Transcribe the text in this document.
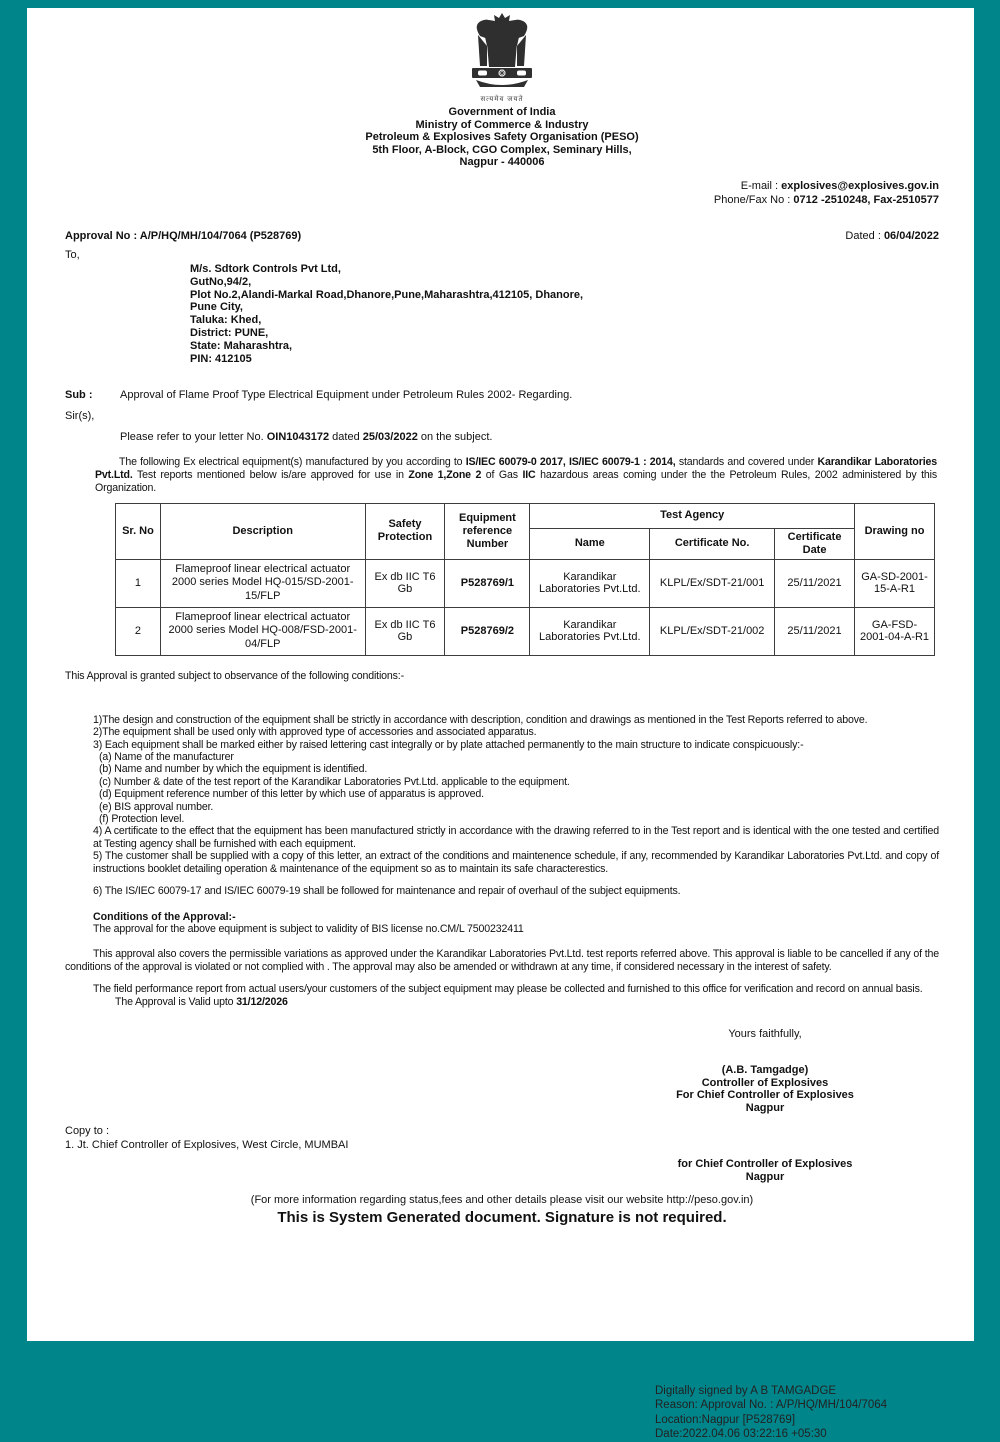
सत्यमेव जयते
Government of India
Ministry of Commerce & Industry
Petroleum & Explosives Safety Organisation (PESO)
5th Floor, A-Block, CGO Complex, Seminary Hills,
Nagpur - 440006
E-mail : explosives@explosives.gov.in
Phone/Fax No : 0712 -2510248, Fax-2510577
Approval No : A/P/HQ/MH/104/7064 (P528769)	Dated : 06/04/2022
To,
M/s. Sdtork Controls Pvt Ltd,
GutNo,94/2,
Plot No.2,Alandi-Markal Road,Dhanore,Pune,Maharashtra,412105, Dhanore,
Pune City,
Taluka: Khed,
District: PUNE,
State: Maharashtra,
PIN: 412105
Sub :	Approval of Flame Proof Type Electrical Equipment under Petroleum Rules 2002- Regarding.
Sir(s),
Please refer to your letter No. OIN1043172 dated 25/03/2022 on the subject.
The following Ex electrical equipment(s) manufactured by you according to IS/IEC 60079-0 2017, IS/IEC 60079-1 : 2014, standards and covered under Karandikar Laboratories Pvt.Ltd. Test reports mentioned below is/are approved for use in Zone 1,Zone 2 of Gas IIC hazardous areas coming under the the Petroleum Rules, 2002 administered by this Organization.
Sr. No	Description	Safety Protection	Equipment reference Number	Test Agency			Drawing no
				Name	Certificate No.	Certificate Date	
1	Flameproof linear electrical actuator 2000 series Model HQ-015/SD-2001-15/FLP	Ex db IIC T6 Gb	P528769/1	Karandikar Laboratories Pvt.Ltd.	KLPL/Ex/SDT-21/001	25/11/2021	GA-SD-2001-15-A-R1
2	Flameproof linear electrical actuator 2000 series Model HQ-008/FSD-2001-04/FLP	Ex db IIC T6 Gb	P528769/2	Karandikar Laboratories Pvt.Ltd.	KLPL/Ex/SDT-21/002	25/11/2021	GA-FSD-2001-04-A-R1
This Approval is granted subject to observance of the following conditions:-
1)The design and construction of the equipment shall be strictly in accordance with description, condition and drawings as mentioned in the Test Reports referred to above.
2)The equipment shall be used only with approved type of accessories and associated apparatus.
3) Each equipment shall be marked either by raised lettering cast integrally or by plate attached permanently to the main structure to indicate conspicuously:-
(a) Name of the manufacturer
(b) Name and number by which the equipment is identified.
(c) Number & date of the test report of the Karandikar Laboratories Pvt.Ltd. applicable to the equipment.
(d) Equipment reference number of this letter by which use of apparatus is approved.
(e) BIS approval number.
(f) Protection level.
4) A certificate to the effect that the equipment has been manufactured strictly in accordance with the drawing referred to in the Test report and is identical with the one tested and certified at Testing agency shall be furnished with each equipment.
5) The customer shall be supplied with a copy of this letter, an extract of the conditions and maintenence schedule, if any, recommended by Karandikar Laboratories Pvt.Ltd. and copy of instructions booklet detailing operation & maintenance of the equipment so as to maintain its safe characterestics.
6) The IS/IEC 60079-17 and IS/IEC 60079-19 shall be followed for maintenance and repair of overhaul of the subject equipments.
Conditions of the Approval:-
The approval for the above equipment is subject to validity of BIS license no.CM/L 7500232411
This approval also covers the permissible variations as approved under the Karandikar Laboratories Pvt.Ltd. test reports referred above. This approval is liable to be cancelled if any of the conditions of the approval is violated or not complied with . The approval may also be amended or withdrawn at any time, if considered necessary in the interest of safety.
The field performance report from actual users/your customers of the subject equipment may please be collected and furnished to this office for verification and record on annual basis.
The Approval is Valid upto 31/12/2026
Yours faithfully,
(A.B. Tamgadge)
Controller of Explosives
For Chief Controller of Explosives
Nagpur
Copy to :
1. Jt. Chief Controller of Explosives, West Circle, MUMBAI
for Chief Controller of Explosives
Nagpur
(For more information regarding status,fees and other details please visit our website http://peso.gov.in)
This is System Generated document. Signature is not required.
Digitally signed by A B TAMGADGE
Reason: Approval No. : A/P/HQ/MH/104/7064
Location:Nagpur [P528769]
Date:2022.04.06 03:22:16 +05:30
